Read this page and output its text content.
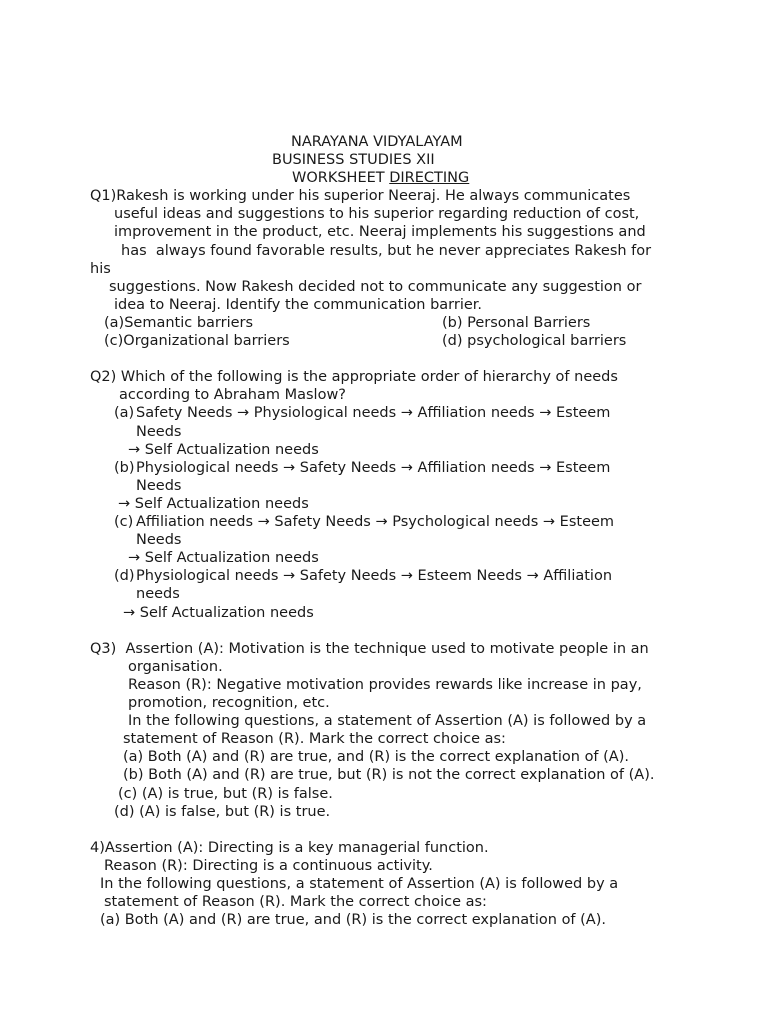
NARAYANA VIDYALAYAM
BUSINESS STUDIES XII
WORKSHEET DIRECTING
Q1)Rakesh is working under his superior Neeraj. He always communicates
useful ideas and suggestions to his superior regarding reduction of cost,
improvement in the product, etc. Neeraj implements his suggestions and
has  always found favorable results, but he never appreciates Rakesh for
his
suggestions. Now Rakesh decided not to communicate any suggestion or
idea to Neeraj. Identify the communication barrier.
(a)Semantic barriers	(b) Personal Barriers
(c)Organizational barriers	(d) psychological barriers
Q2) Which of the following is the appropriate order of hierarchy of needs
according to Abraham Maslow?
(a) Safety Needs → Physiological needs → Affiliation needs → Esteem
Needs
→ Self Actualization needs
(b) Physiological needs → Safety Needs → Affiliation needs → Esteem
Needs
→ Self Actualization needs
(c) Affiliation needs → Safety Needs → Psychological needs → Esteem
Needs
→ Self Actualization needs
(d) Physiological needs → Safety Needs → Esteem Needs → Affiliation
needs
→ Self Actualization needs
Q3)  Assertion (A): Motivation is the technique used to motivate people in an
organisation.
Reason (R): Negative motivation provides rewards like increase in pay,
promotion, recognition, etc.
In the following questions, a statement of Assertion (A) is followed by a
statement of Reason (R). Mark the correct choice as:
(a) Both (A) and (R) are true, and (R) is the correct explanation of (A).
(b) Both (A) and (R) are true, but (R) is not the correct explanation of (A).
(c) (A) is true, but (R) is false.
(d) (A) is false, but (R) is true.
4)Assertion (A): Directing is a key managerial function.
Reason (R): Directing is a continuous activity.
In the following questions, a statement of Assertion (A) is followed by a
statement of Reason (R). Mark the correct choice as:
(a) Both (A) and (R) are true, and (R) is the correct explanation of (A).
